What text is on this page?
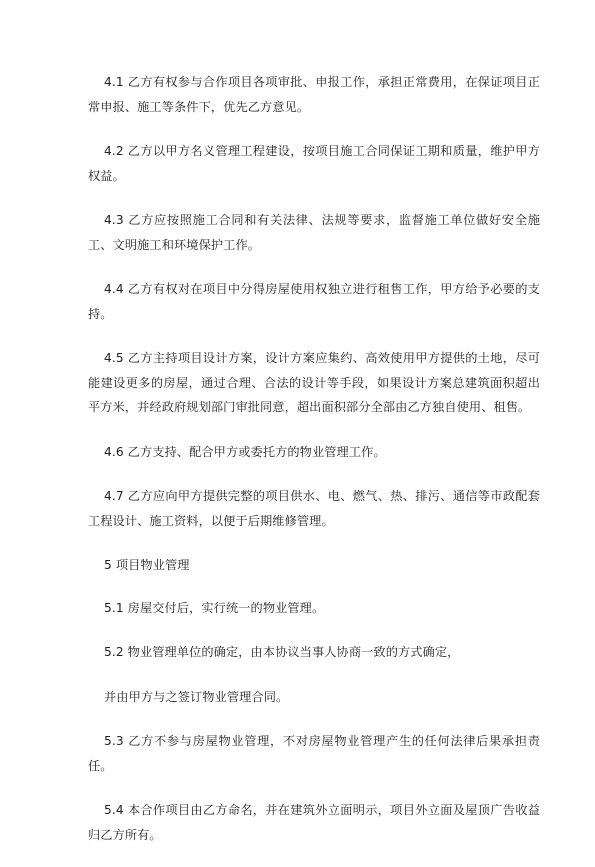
4.1 乙方有权参与合作项目各项审批、申报工作，承担正常费用，在保证项目正常申报、施工等条件下，优先乙方意见。

4.2 乙方以甲方名义管理工程建设，按项目施工合同保证工期和质量，维护甲方权益。

4.3 乙方应按照施工合同和有关法律、法规等要求，监督施工单位做好安全施工、文明施工和环境保护工作。

4.4 乙方有权对在项目中分得房屋使用权独立进行租售工作，甲方给予必要的支持。

4.5 乙方主持项目设计方案，设计方案应集约、高效使用甲方提供的土地，尽可能建设更多的房屋，通过合理、合法的设计等手段，如果设计方案总建筑面积超出平方米，并经政府规划部门审批同意，超出面积部分全部由乙方独自使用、租售。

4.6 乙方支持、配合甲方或委托方的物业管理工作。

4.7 乙方应向甲方提供完整的项目供水、电、燃气、热、排污、通信等市政配套工程设计、施工资料，以便于后期维修管理。

5 项目物业管理

5.1 房屋交付后，实行统一的物业管理。

5.2 物业管理单位的确定，由本协议当事人协商一致的方式确定，

并由甲方与之签订物业管理合同。

5.3 乙方不参与房屋物业管理，不对房屋物业管理产生的任何法律后果承担责任。

5.4 本合作项目由乙方命名，并在建筑外立面明示，项目外立面及屋顶广告收益归乙方所有。
